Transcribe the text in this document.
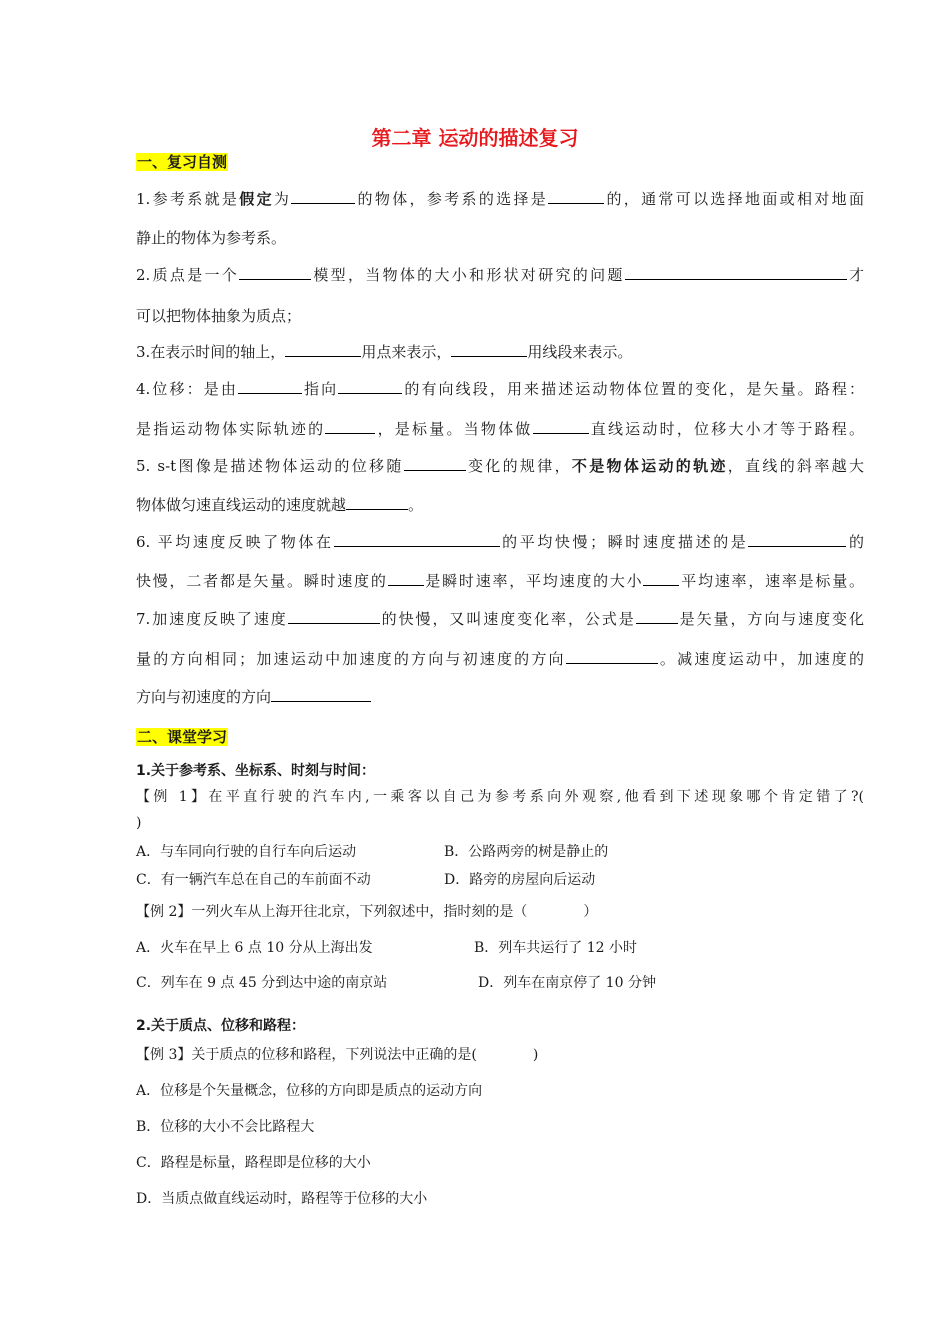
第二章 运动的描述复习
一、复习自测
1.参考系就是假定为	的物体，参考系的选择是	的，通常可以选择地面或相对地面
静止的物体为参考系。
2.质点是一个	模型，当物体的大小和形状对研究的问题	才
可以把物体抽象为质点；
3.在表示时间的轴上，	用点来表示，	用线段来表示。
4.位移：是由	指向	的有向线段，用来描述运动物体位置的变化，是矢量。路程：
是指运动物体实际轨迹的	，是标量。当物体做	直线运动时，位移大小才等于路程。
5. s-t图像是描述物体运动的位移随	变化的规律，不是物体运动的轨迹，直线的斜率越大
物体做匀速直线运动的速度就越	。
6. 平均速度反映了物体在	的平均快慢；瞬时速度描述的是	的
快慢，二者都是矢量。瞬时速度的 是瞬时速率，平均速度的大小 平均速率，速率是标量。
7.加速度反映了速度	的快慢，又叫速度变化率，公式是	是矢量，方向与速度变化
量的方向相同；加速运动中加速度的方向与初速度的方向	。减速度运动中，加速度的
方向与初速度的方向
二、课堂学习
1.关于参考系、坐标系、时刻与时间：
【例 1】在平直行驶的汽车内,一乘客以自己为参考系向外观察,他看到下述现象哪个肯定错了?(
)
A．与车同向行驶的自行车向后运动	B．公路两旁的树是静止的
C．有一辆汽车总在自己的车前面不动	D．路旁的房屋向后运动
【例 2】一列火车从上海开往北京，下列叙述中，指时刻的是（　　　　）
A．火车在早上 6 点 10 分从上海出发	B．列车共运行了 12 小时
C．列车在 9 点 45 分到达中途的南京站	D．列车在南京停了 10 分钟
2.关于质点、位移和路程：
【例 3】关于质点的位移和路程，下列说法中正确的是(　　　　)
A．位移是个矢量概念，位移的方向即是质点的运动方向
B．位移的大小不会比路程大
C．路程是标量，路程即是位移的大小
D．当质点做直线运动时，路程等于位移的大小
